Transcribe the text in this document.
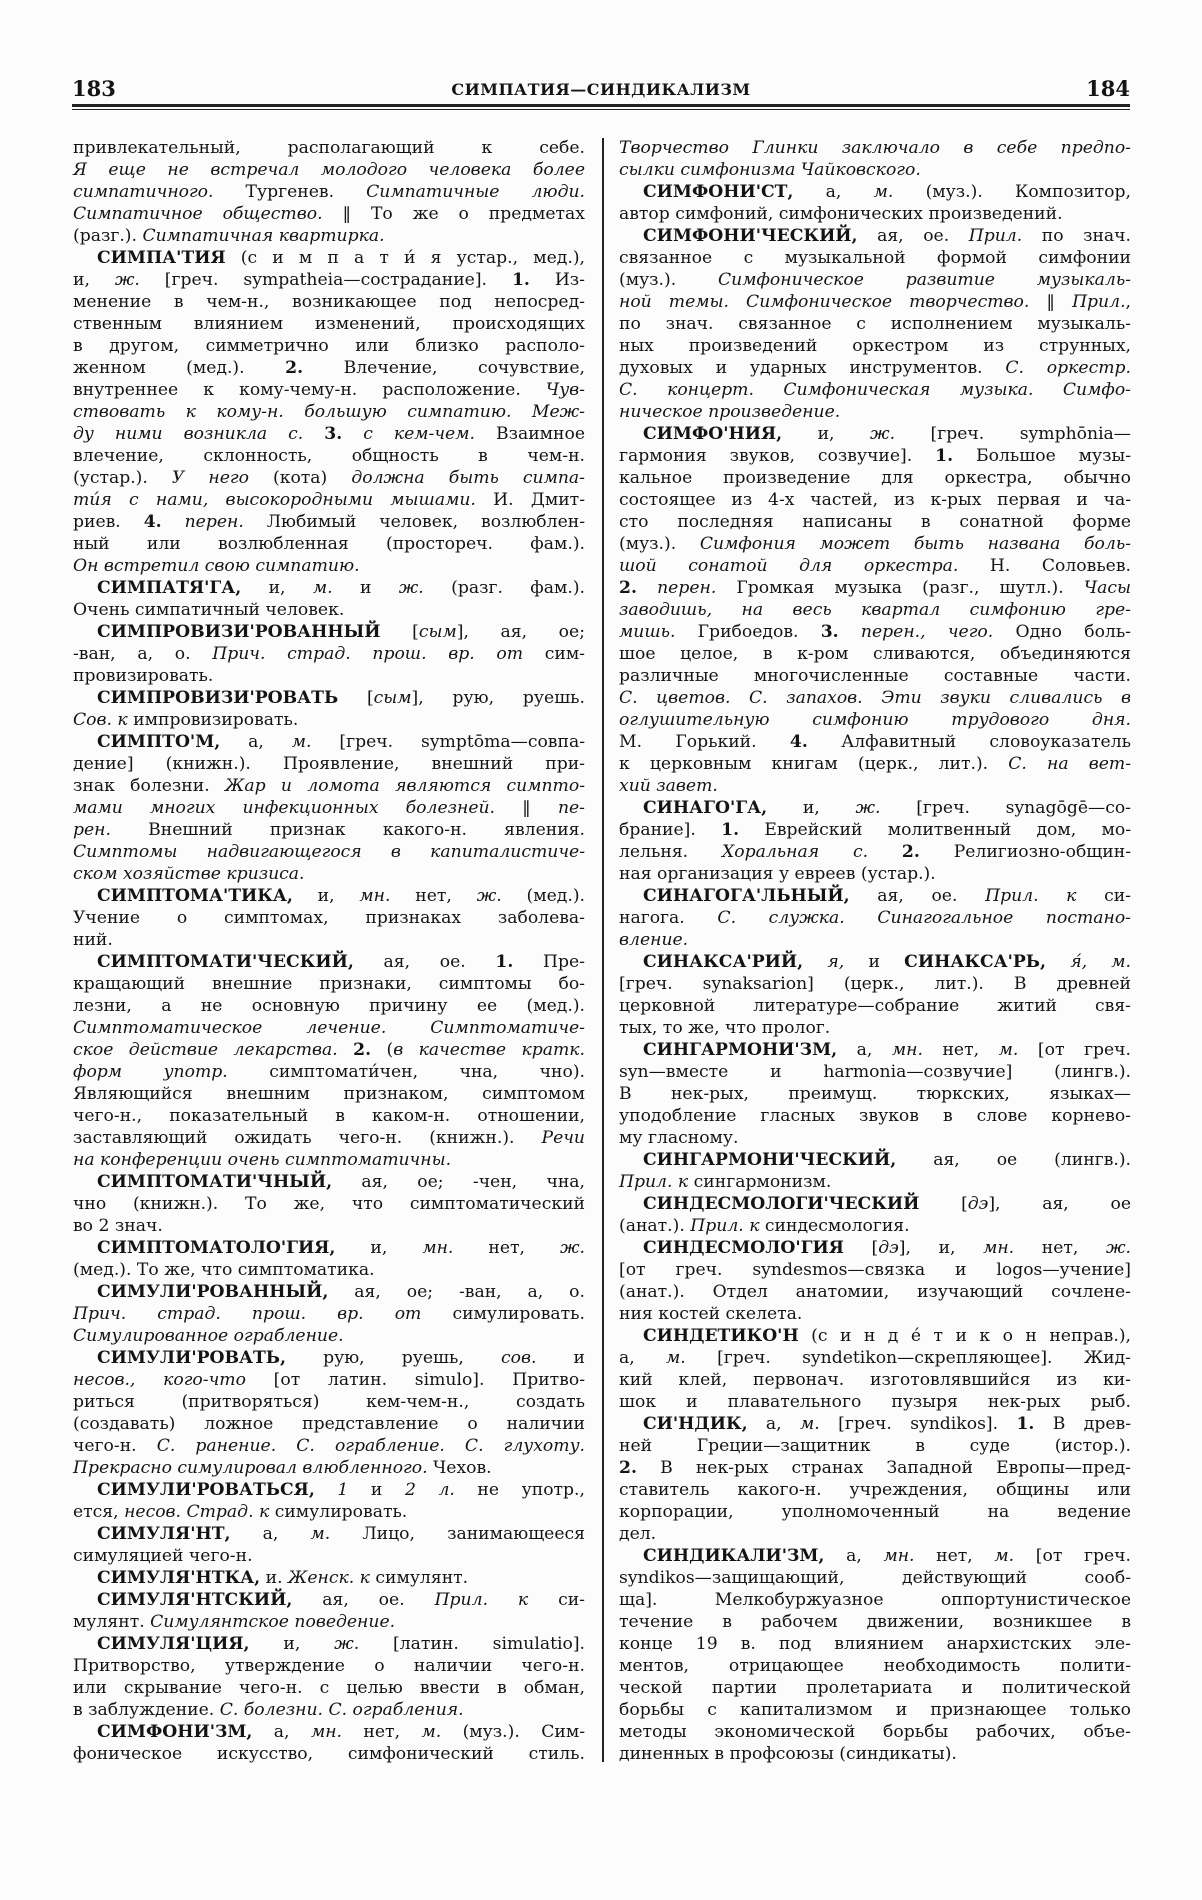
183	СИМПАТИЯ—СИНДИКАЛИЗМ	184
привлекательный, располагающий к себе.
Я еще не встречал молодого человека более
симпатичного. Тургенев. Симпатичные люди.
Симпатичное общество. ‖ То же о предметах
(разг.). Симпатичная квартирка.
СИМПА'ТИЯ (с и м п а т и́ я устар., мед.),
и, ж. [греч. sympatheia—сострадание]. 1. Из-
менение в чем-н., возникающее под непосред-
ственным влиянием изменений, происходящих
в другом, симметрично или близко располо-
женном (мед.). 2. Влечение, сочувствие,
внутреннее к кому-чему-н. расположение. Чув-
ствовать к кому-н. большую симпатию. Меж-
ду ними возникла с. 3. с кем-чем. Взаимное
влечение, склонность, общность в чем-н.
(устар.). У него (кота) должна быть симпа-
ти́я с нами, высокородными мышами. И. Дмит-
риев. 4. перен. Любимый человек, возлюблен-
ный или возлюбленная (простореч. фам.).
Он встретил свою симпатию.
СИМПАТЯ'ГА, и, м. и ж. (разг. фам.).
Очень симпатичный человек.
СИМПРОВИЗИ'РОВАННЫЙ [сым], ая, ое;
-ван, а, о. Прич. страд. прош. вр. от сим-
провизировать.
СИМПРОВИЗИ'РОВАТЬ [сым], рую, руешь.
Сов. к импровизировать.
СИМПТО'М, а, м. [греч. symptōma—совпа-
дение] (книжн.). Проявление, внешний при-
знак болезни. Жар и ломота являются симпто-
мами многих инфекционных болезней. ‖ пе-
рен. Внешний признак какого-н. явления.
Симптомы надвигающегося в капиталистиче-
ском хозяйстве кризиса.
СИМПТОМА'ТИКА, и, мн. нет, ж. (мед.).
Учение о симптомах, признаках заболева-
ний.
СИМПТОМАТИ'ЧЕСКИЙ, ая, ое. 1. Пре-
кращающий внешние признаки, симптомы бо-
лезни, а не основную причину ее (мед.).
Симптоматическое лечение. Симптоматиче-
ское действие лекарства. 2. (в качестве кратк.
форм употр. симптомати́чен, чна, чно).
Являющийся внешним признаком, симптомом
чего-н., показательный в каком-н. отношении,
заставляющий ожидать чего-н. (книжн.). Речи
на конференции очень симптоматичны.
СИМПТОМАТИ'ЧНЫЙ, ая, ое; -чен, чна,
чно (книжн.). То же, что симптоматический
во 2 знач.
СИМПТОМАТОЛО'ГИЯ, и, мн. нет, ж.
(мед.). То же, что симптоматика.
СИМУЛИ'РОВАННЫЙ, ая, ое; -ван, а, о.
Прич. страд. прош. вр. от симулировать.
Симулированное ограбление.
СИМУЛИ'РОВАТЬ, рую, руешь, сов. и
несов., кого-что [от латин. simulo]. Притво-
риться (притворяться) кем-чем-н., создать
(создавать) ложное представление о наличии
чего-н. С. ранение. С. ограбление. С. глухоту.
Прекрасно симулировал влюбленного. Чехов.
СИМУЛИ'РОВАТЬСЯ, 1 и 2 л. не употр.,
ется, несов. Страд. к симулировать.
СИМУЛЯ'НТ, а, м. Лицо, занимающееся
симуляцией чего-н.
СИМУЛЯ'НТКА, и. Женск. к симулянт.
СИМУЛЯ'НТСКИЙ, ая, ое. Прил. к си-
мулянт. Симулянтское поведение.
СИМУЛЯ'ЦИЯ, и, ж. [латин. simulatio].
Притворство, утверждение о наличии чего-н.
или скрывание чего-н. с целью ввести в обман,
в заблуждение. С. болезни. С. ограбления.
СИМФОНИ'ЗМ, а, мн. нет, м. (муз.). Сим-
фоническое искусство, симфонический стиль.
Творчество Глинки заключало в себе предпо-
сылки симфонизма Чайковского.
СИМФОНИ'СТ, а, м. (муз.). Композитор,
автор симфоний, симфонических произведений.
СИМФОНИ'ЧЕСКИЙ, ая, ое. Прил. по знач.
связанное с музыкальной формой симфонии
(муз.). Симфоническое развитие музыкаль-
ной темы. Симфоническое творчество. ‖ Прил.,
по знач. связанное с исполнением музыкаль-
ных произведений оркестром из струнных,
духовых и ударных инструментов. С. оркестр.
С. концерт. Симфоническая музыка. Симфо-
ническое произведение.
СИМФО'НИЯ, и, ж. [греч. symphōnia—
гармония звуков, созвучие]. 1. Большое музы-
кальное произведение для оркестра, обычно
состоящее из 4-х частей, из к-рых первая и ча-
сто последняя написаны в сонатной форме
(муз.). Симфония может быть названа боль-
шой сонатой для оркестра. Н. Соловьев.
2. перен. Громкая музыка (разг., шутл.). Часы
заводишь, на весь квартал симфонию гре-
мишь. Грибоедов. 3. перен., чего. Одно боль-
шое целое, в к-ром сливаются, объединяются
различные многочисленные составные части.
С. цветов. С. запахов. Эти звуки сливались в
оглушительную симфонию трудового дня.
М. Горький. 4. Алфавитный словоуказатель
к церковным книгам (церк., лит.). С. на вет-
хий завет.
СИНАГО'ГА, и, ж. [греч. synagōgē—со-
брание]. 1. Еврейский молитвенный дом, мо-
лельня. Хоральная с. 2. Религиозно-общин-
ная организация у евреев (устар.).
СИНАГОГА'ЛЬНЫЙ, ая, ое. Прил. к си-
нагога. С. служка. Синагогальное постано-
вление.
СИНАКСА'РИЙ, я, и СИНАКСА'РЬ, я́, м.
[греч. synaksarion] (церк., лит.). В древней
церковной литературе—собрание житий свя-
тых, то же, что пролог.
СИНГАРМОНИ'ЗМ, а, мн. нет, м. [от греч.
syn—вместе и harmonia—созвучие] (лингв.).
В нек-рых, преимущ. тюркских, языках—
уподобление гласных звуков в слове корнево-
му гласному.
СИНГАРМОНИ'ЧЕСКИЙ, ая, ое (лингв.).
Прил. к сингармонизм.
СИНДЕСМОЛОГИ'ЧЕСКИЙ [дэ], ая, ое
(анат.). Прил. к синдесмология.
СИНДЕСМОЛО'ГИЯ [дэ], и, мн. нет, ж.
[от греч. syndesmos—связка и logos—учение]
(анат.). Отдел анатомии, изучающий сочлене-
ния костей скелета.
СИНДЕТИКО'Н (с и н д е́ т и к о н неправ.),
а, м. [греч. syndetikon—скрепляющее]. Жид-
кий клей, первонач. изготовлявшийся из ки-
шок и плавательного пузыря нек-рых рыб.
СИ'НДИК, а, м. [греч. syndikos]. 1. В древ-
ней Греции—защитник в суде (истор.).
2. В нек-рых странах Западной Европы—пред-
ставитель какого-н. учреждения, общины или
корпорации, уполномоченный на ведение
дел.
СИНДИКАЛИ'ЗМ, а, мн. нет, м. [от греч.
syndikos—защищающий, действующий сооб-
ща]. Мелкобуржуазное оппортунистическое
течение в рабочем движении, возникшее в
конце 19 в. под влиянием анархистских эле-
ментов, отрицающее необходимость полити-
ческой партии пролетариата и политической
борьбы с капитализмом и признающее только
методы экономической борьбы рабочих, объе-
диненных в профсоюзы (синдикаты).
